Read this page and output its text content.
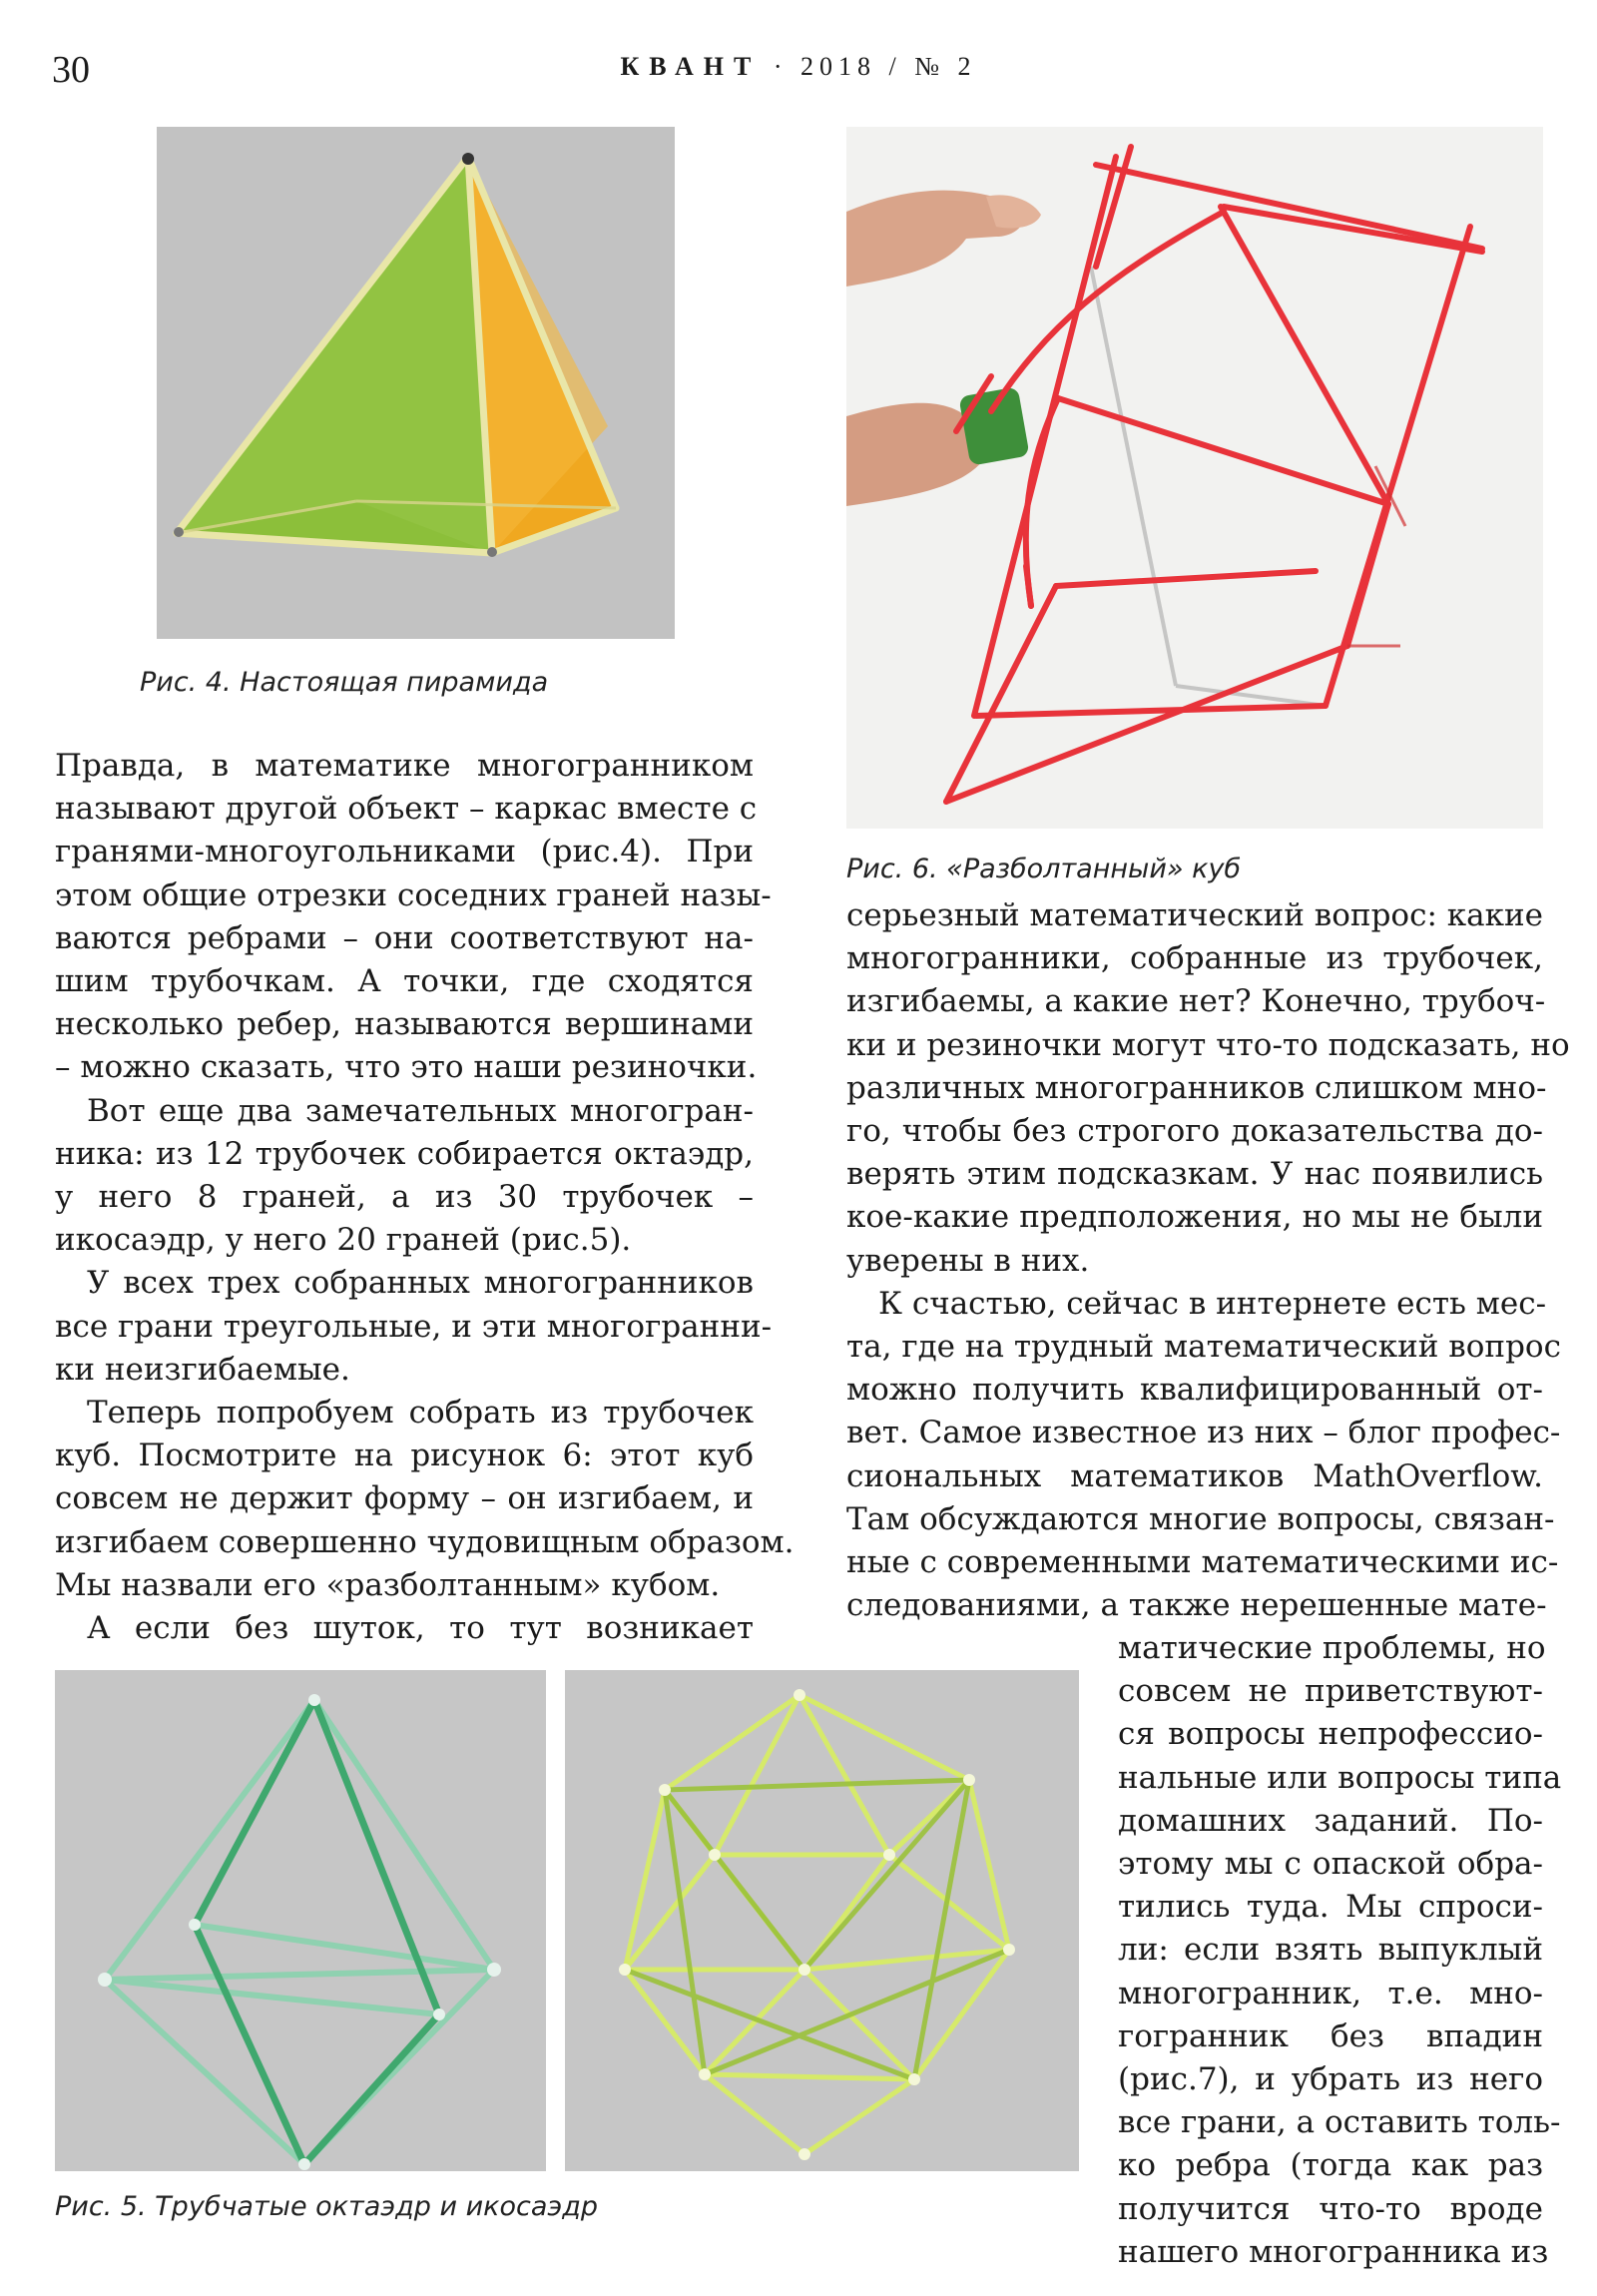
30	КВАНТ · 2018 / № 2
Рис. 4. Настоящая пирамида
Рис. 6. «Разболтанный» куб
Рис. 5. Трубчатые октаэдр и икосаэдр
Правда, в математике многогранником
называют другой объект – каркас вместе с
гранями-многоугольниками (рис.4). При
этом общие отрезки соседних граней назы-
ваются ребрами – они соответствуют на-
шим трубочкам. А точки, где сходятся
несколько ребер, называются вершинами
– можно сказать, что это наши резиночки.
Вот еще два замечательных многогран-
ника: из 12 трубочек собирается октаэдр,
у него 8 граней, а из 30 трубочек –
икосаэдр, у него 20 граней (рис.5).
У всех трех собранных многогранников
все грани треугольные, и эти многогранни-
ки неизгибаемые.
Теперь попробуем собрать из трубочек
куб. Посмотрите на рисунок 6: этот куб
совсем не держит форму – он изгибаем, и
изгибаем совершенно чудовищным образом.
Мы назвали его «разболтанным» кубом.
А если без шуток, то тут возникает
серьезный математический вопрос: какие
многогранники, собранные из трубочек,
изгибаемы, а какие нет? Конечно, трубоч-
ки и резиночки могут что-то подсказать, но
различных многогранников слишком мно-
го, чтобы без строгого доказательства до-
верять этим подсказкам. У нас появились
кое-какие предположения, но мы не были
уверены в них.
К счастью, сейчас в интернете есть мес-
та, где на трудный математический вопрос
можно получить квалифицированный от-
вет. Самое известное из них – блог профес-
сиональных математиков MathOverflow.
Там обсуждаются многие вопросы, связан-
ные с современными математическими ис-
следованиями, а также нерешенные мате-
матические проблемы, но
совсем не приветствуют-
ся вопросы непрофессио-
нальные или вопросы типа
домашних заданий. По-
этому мы с опаской обра-
тились туда. Мы спроси-
ли: если взять выпуклый
многогранник, т.е. мно-
гогранник без впадин
(рис.7), и убрать из него
все грани, а оставить толь-
ко ребра (тогда как раз
получится что-то вроде
нашего многогранника из
